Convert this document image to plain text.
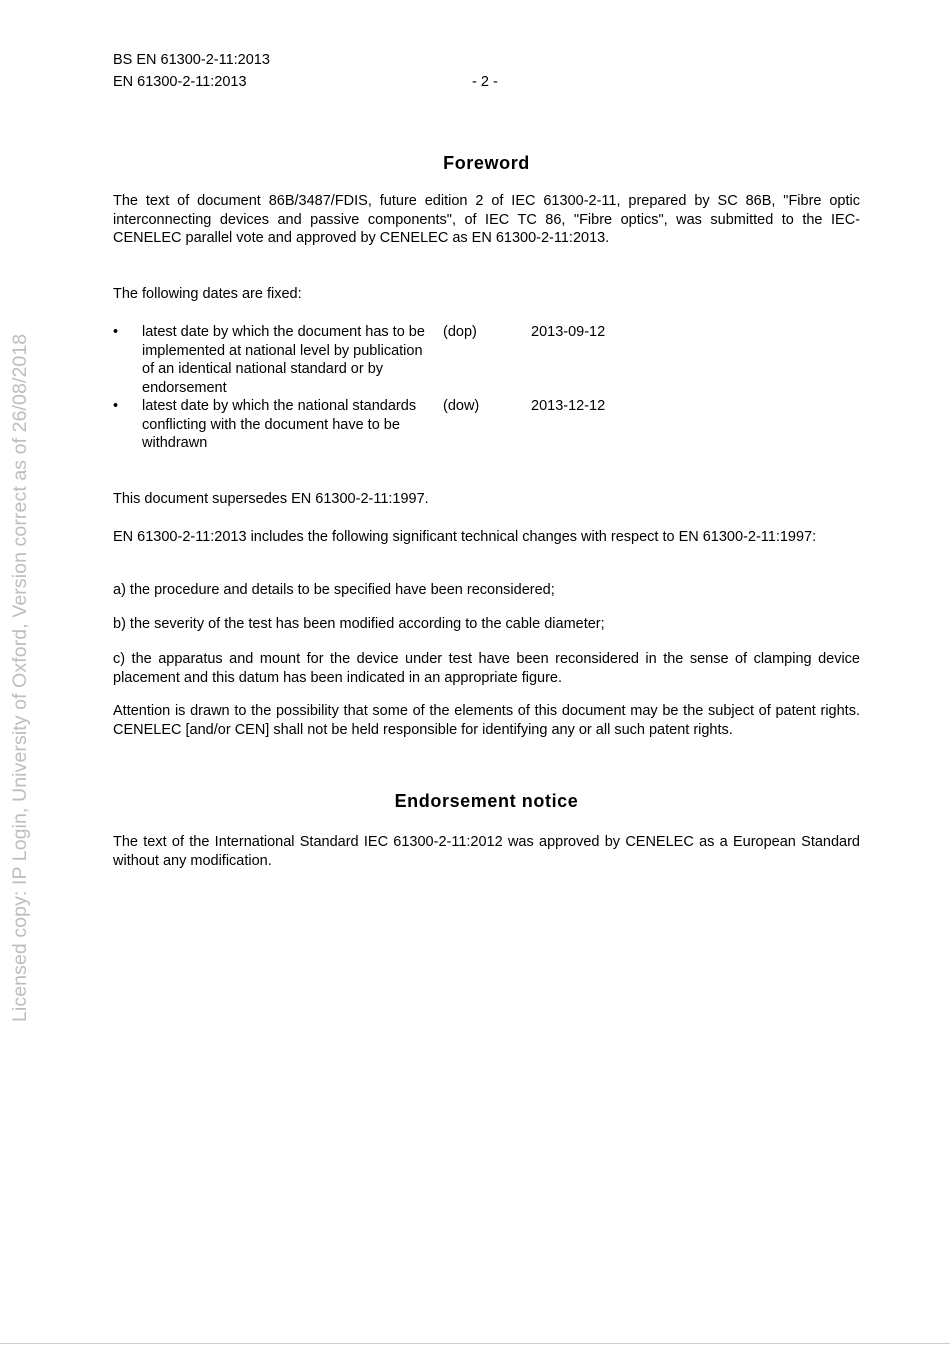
Licensed copy: IP Login, University of Oxford, Version correct as of 26/08/2018
BS EN 61300-2-11:2013
EN 61300-2-11:2013	- 2 -
Foreword
The text of document 86B/3487/FDIS, future edition 2 of IEC 61300-2-11, prepared by SC 86B, "Fibre optic interconnecting devices and passive components", of IEC TC 86, "Fibre optics", was submitted to the IEC-CENELEC parallel vote and approved by CENELEC as EN 61300-2-11:2013.
The following dates are fixed:
• latest date by which the document has to be implemented at national level by publication of an identical national standard or by endorsement
(dop)	2013-09-12
• latest date by which the national standards conflicting with the document have to be withdrawn
(dow)	2013-12-12
This document supersedes EN 61300-2-11:1997.
EN 61300-2-11:2013 includes the following significant technical changes with respect to EN 61300-2-11:1997:
a) the procedure and details to be specified have been reconsidered;
b) the severity of the test has been modified according to the cable diameter;
c) the apparatus and mount for the device under test have been reconsidered in the sense of clamping device placement and this datum has been indicated in an appropriate figure.
Attention is drawn to the possibility that some of the elements of this document may be the subject of patent rights. CENELEC [and/or CEN] shall not be held responsible for identifying any or all such patent rights.
Endorsement notice
The text of the International Standard IEC 61300-2-11:2012 was approved by CENELEC as a European Standard without any modification.
